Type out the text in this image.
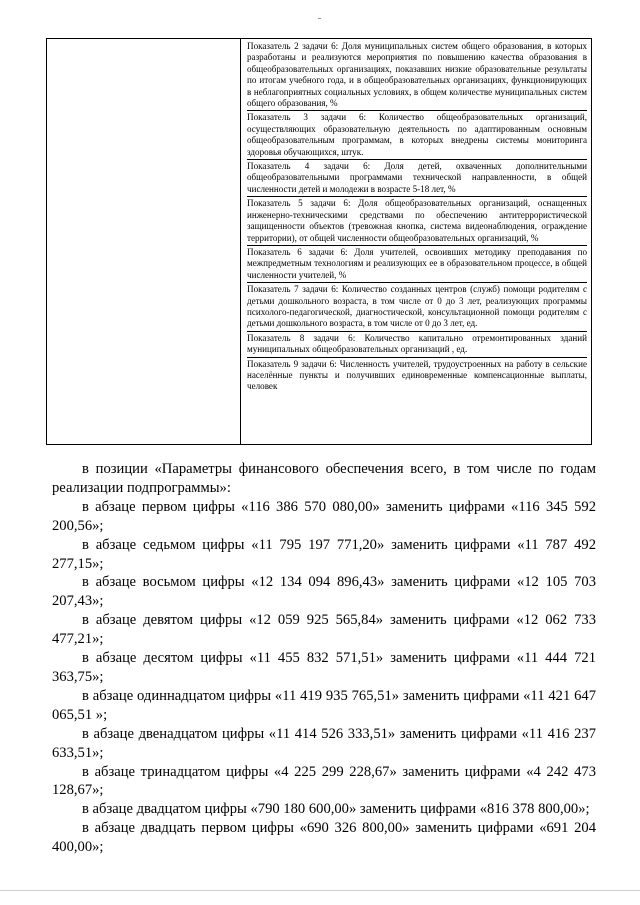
Показатель 2 задачи 6: Доля муниципальных систем общего образования, в которых разработаны и реализуются мероприятия по повышению качества образования в общеобразовательных организациях, показавших низкие образовательные результаты по итогам учебного года, и в общеобразовательных организациях, функционирующих в неблагоприятных социальных условиях, в общем количестве муниципальных систем общего образования, %

Показатель 3 задачи 6: Количество общеобразовательных организаций, осуществляющих образовательную деятельность по адаптированным основным общеобразовательным программам, в которых внедрены системы мониторинга здоровья обучающихся, штук.

Показатель 4 задачи 6: Доля детей, охваченных дополнительными общеобразовательными программами технической направленности, в общей численности детей и молодежи в возрасте 5-18 лет, %

Показатель 5 задачи 6: Доля общеобразовательных организаций, оснащенных инженерно-техническими средствами по обеспечению антитеррористической защищенности объектов (тревожная кнопка, система видеонаблюдения, ограждение территории), от общей численности общеобразовательных организаций, %

Показатель 6 задачи 6: Доля учителей, освоивших методику преподавания по межпредметным технологиям и реализующих ее в образовательном процессе, в общей численности учителей, %

Показатель 7 задачи 6: Количество созданных центров (служб) помощи родителям с детьми дошкольного возраста, в том числе от 0 до 3 лет, реализующих программы психолого-педагогической, диагностической, консультационной помощи родителям с детьми дошкольного возраста, в том числе от 0 до 3 лет, ед.

Показатель 8 задачи 6: Количество капитально отремонтированных зданий муниципальных общеобразовательных организаций , ед.

Показатель 9 задачи 6: Численность учителей, трудоустроенных на работу в сельские населённые пункты и получивших единовременные компенсационные выплаты, человек

в позиции «Параметры финансового обеспечения всего, в том числе по годам реализации подпрограммы»:

в абзаце первом цифры «116 386 570 080,00» заменить цифрами «116 345 592 200,56»;

в абзаце седьмом цифры «11 795 197 771,20» заменить цифрами «11 787 492 277,15»;

в абзаце восьмом цифры «12 134 094 896,43» заменить цифрами «12 105 703 207,43»;

в абзаце девятом цифры «12 059 925 565,84» заменить цифрами «12 062 733 477,21»;

в абзаце десятом цифры «11 455 832 571,51» заменить цифрами «11 444 721 363,75»;

в абзаце одиннадцатом цифры «11 419 935 765,51» заменить цифрами «11 421 647 065,51 »;

в абзаце двенадцатом цифры «11 414 526 333,51» заменить цифрами «11 416 237 633,51»;

в абзаце тринадцатом цифры «4 225 299 228,67» заменить цифрами «4 242 473 128,67»;

в абзаце двадцатом цифры «790 180 600,00» заменить цифрами «816 378 800,00»;

в абзаце двадцать первом цифры «690 326 800,00» заменить цифрами «691 204 400,00»;
